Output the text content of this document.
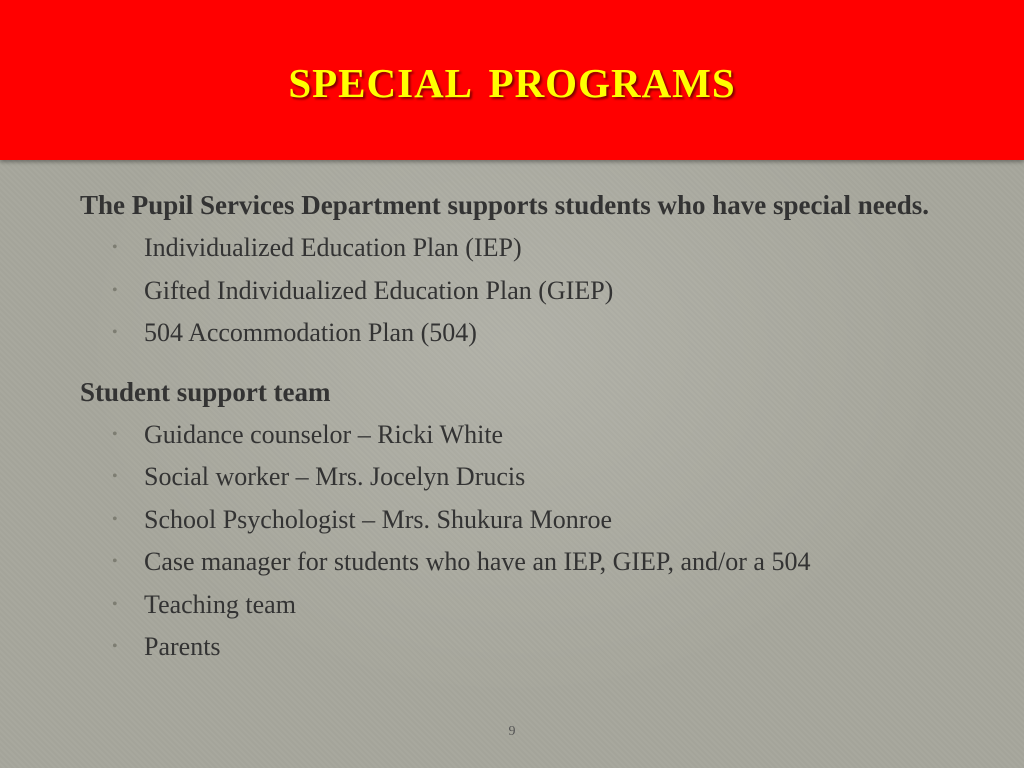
special programs

The Pupil Services Department supports students who have special needs.

• Individualized Education Plan (IEP)
• Gifted Individualized Education Plan (GIEP)
• 504 Accommodation Plan (504)

Student support team

• Guidance counselor – Ricki White
• Social worker – Mrs. Jocelyn Drucis
• School Psychologist – Mrs. Shukura Monroe
• Case manager for students who have an IEP, GIEP, and/or a 504
• Teaching team
• Parents
9
